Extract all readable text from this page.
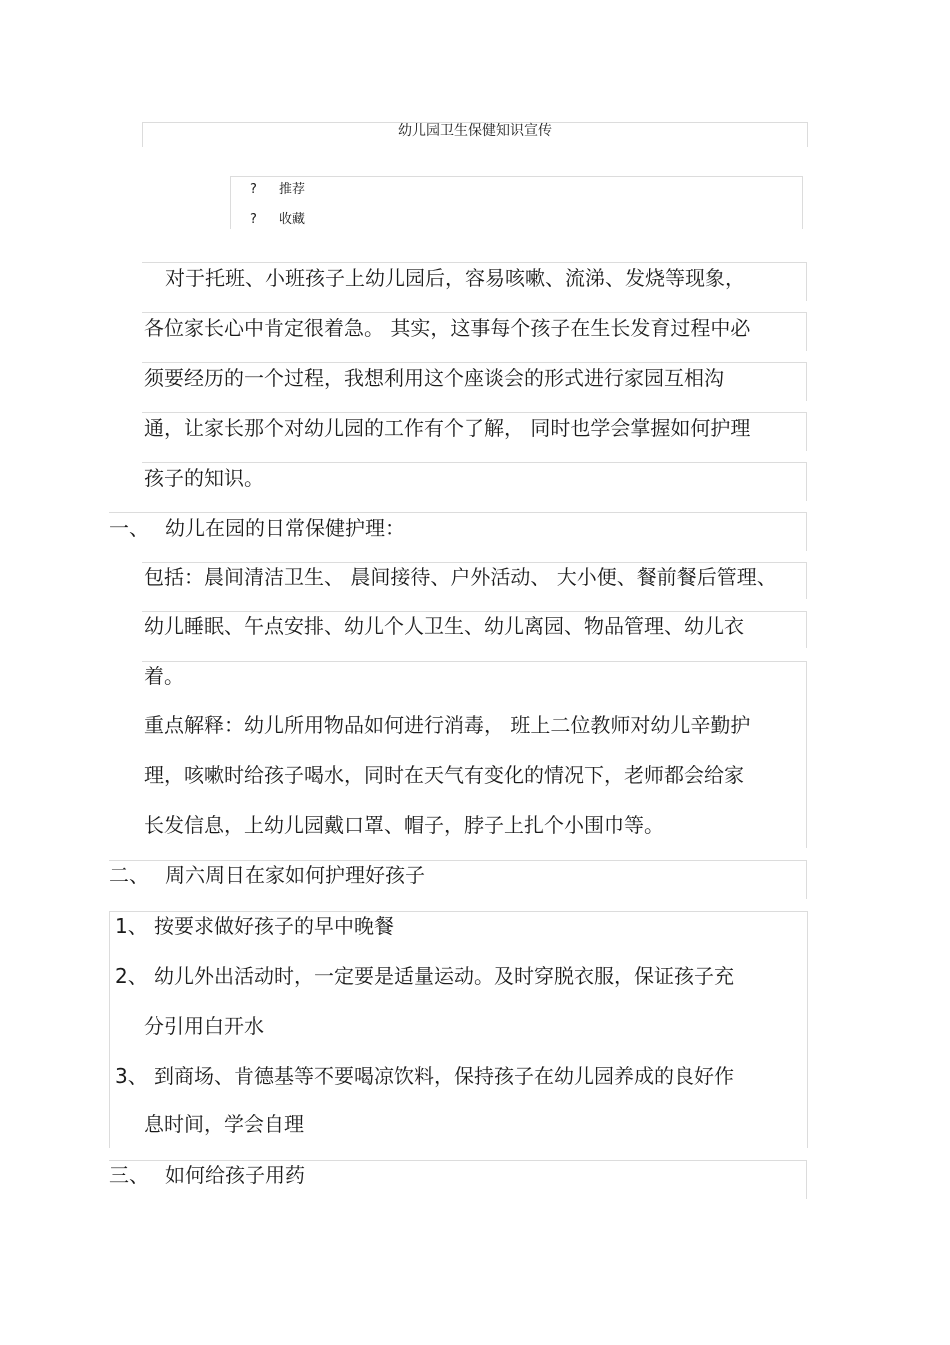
幼儿园卫生保健知识宣传
? 推荐
? 收藏
对于托班、小班孩子上幼儿园后，容易咳嗽、流涕、发烧等现象，
各位家长心中肯定很着急。 其实，这事每个孩子在生长发育过程中必
须要经历的一个过程，我想利用这个座谈会的形式进行家园互相沟
通，让家长那个对幼儿园的工作有个了解， 同时也学会掌握如何护理
孩子的知识。
一、 幼儿在园的日常保健护理：
包括：晨间清洁卫生、 晨间接待、户外活动、 大小便、餐前餐后管理、
幼儿睡眠、午点安排、幼儿个人卫生、幼儿离园、物品管理、幼儿衣
着。
重点解释：幼儿所用物品如何进行消毒， 班上二位教师对幼儿辛勤护
理，咳嗽时给孩子喝水，同时在天气有变化的情况下，老师都会给家
长发信息，上幼儿园戴口罩、帽子，脖子上扎个小围巾等。
二、 周六周日在家如何护理好孩子
1、 按要求做好孩子的早中晚餐
2、 幼儿外出活动时，一定要是适量运动。及时穿脱衣服，保证孩子充
分引用白开水
3、 到商场、肯德基等不要喝凉饮料，保持孩子在幼儿园养成的良好作
息时间，学会自理
三、 如何给孩子用药
